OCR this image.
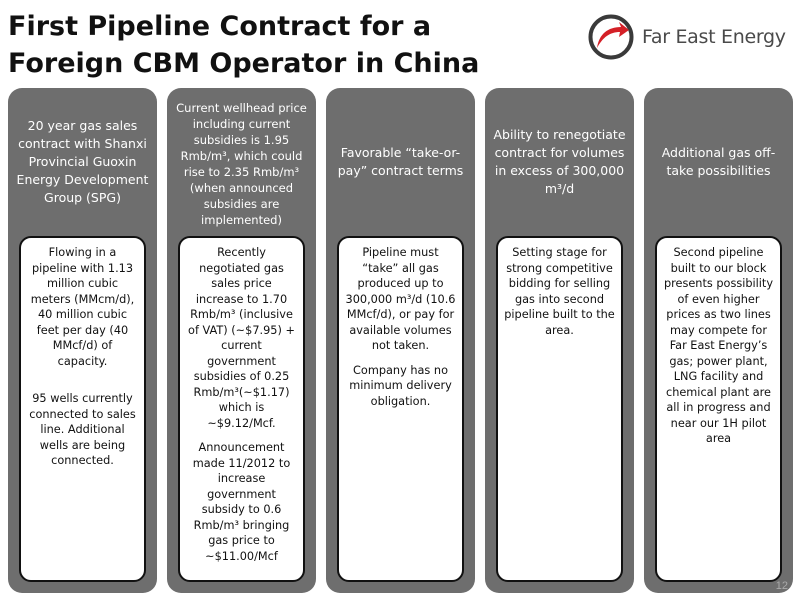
First Pipeline Contract for a
Foreign CBM Operator in China
Far East Energy
20 year gas sales contract with Shanxi Provincial Guoxin Energy Development Group (SPG)

Flowing in a pipeline with 1.13 million cubic meters (MMcm/d), 40 million cubic feet per day (40 MMcf/d) of capacity.

95 wells currently connected to sales line. Additional wells are being connected.

Current wellhead price including current subsidies is 1.95 Rmb/m³, which could rise to 2.35 Rmb/m³ (when announced subsidies are implemented)

Recently negotiated gas sales price increase to 1.70 Rmb/m³ (inclusive of VAT) (~$7.95) + current government subsidies of 0.25 Rmb/m³(~$1.17) which is ~$9.12/Mcf.

Announcement made 11/2012 to increase government subsidy to 0.6 Rmb/m³ bringing gas price to ~$11.00/Mcf

Favorable “take-or-pay” contract terms

Pipeline must “take” all gas produced up to 300,000 m³/d (10.6 MMcf/d), or pay for available volumes not taken.

Company has no minimum delivery obligation.

Ability to renegotiate contract for volumes in excess of 300,000 m³/d

Setting stage for strong competitive bidding for selling gas into second pipeline built to the area.

Additional gas off-take possibilities

Second pipeline built to our block presents possibility of even higher prices as two lines may compete for Far East Energy’s gas; power plant, LNG facility and chemical plant are all in progress and near our 1H pilot area

12
